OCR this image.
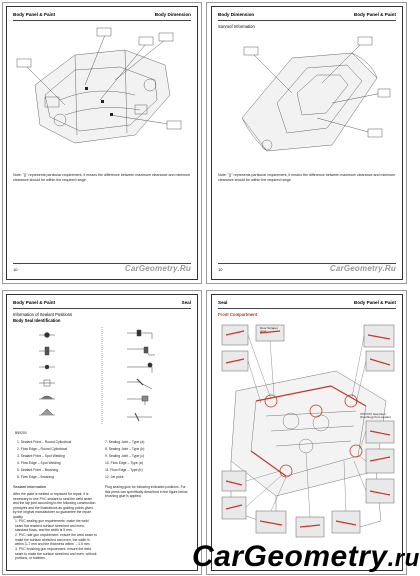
Body Panel & Paint	Body Dimension
Note: "()" represents particular requirement, it means the difference between maximum clearance and minimum clearance should be within the required range.
10	CarGeometry.Ru
Body Dimension	Body Panel & Paint
Sunroof Information
Note: "()" represents particular requirement, it means the difference between maximum clearance and minimum clearance should be within the required range.
10	CarGeometry.Ru
Body Panel & Paint	Seal
Information of Sealant Positions
Body Seal Identification
B59200
1. Sealant Point – Round Cylindrical
2. Flow Edge – Round Cylindrical
3. Sealant Point – Spot Welding
4. Flow Edge – Spot Welding
5. Sealant Point – Brushing
6. Flow Edge – Brushing
7. Sealing Joint – Type (a)
8. Sealing Joint – Type (b)
9. Sealing Joint – Type (c)
10. Flow Edge – Type (a)
11. Flow Edge – Type (b)
12. Jet point
Sealant Information
After the plate is welded or replaced for repair, it is necessary to use PVC sealant to seal the weld seam and the lap joint according to the following construction principles and the illustrations as guiding points given by the original manufacturer so guarantee the repair quality.
1. PVC sealing gun requirements: make the weld seam flat reached surface stretched and even, standard flows, and the width is 5 mm.
2. PVC rate gun requirement: ensure the weld seam to make the surface stretched and even, the width is within 3–7 mm and the thickness within …1.5 mm.
3. PVC brushing gun requirement: ensure the weld seam to make the surface stretched and even, without portions, or bubbles.
Plug sealing glue for following indicated positions. For this press can specifically described in the figure below, brushing glue is applied.
Seal	Body Panel & Paint
Front Compartment
Door Scraper goss
XXXXXX Gap Door (brushing) from sealant
CarGeometry.ru
